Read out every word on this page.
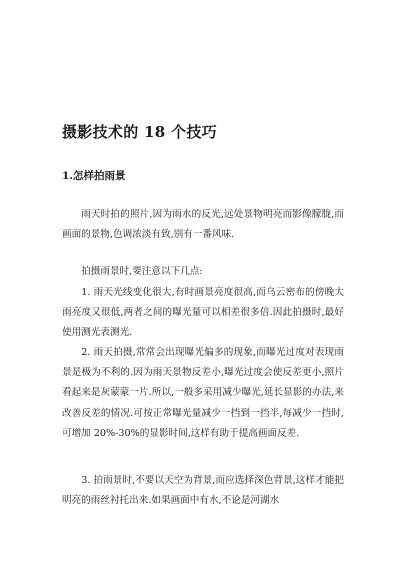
摄影技术的 18 个技巧
1.怎样拍雨景

雨天时拍的照片,因为雨水的反光,远处景物明亮而影像朦胧,而画面的景物,色调浓淡有致,别有一番风味.

拍摄雨景时,要注意以下几点:

1. 雨天光线变化很大,有时画景亮度很高,而乌云密布的傍晚大雨亮度又很低,两者之间的曝光量可以相差很多倍.因此拍摄时,最好使用测光表测光.

2. 雨天拍摄,常常会出现曝光偏多的现象,而曝光过度对表现雨景是极为不利的.因为雨天景物反差小,曝光过度会使反差更小,照片看起来是灰蒙蒙一片.所以,一般多采用减少曝光,延长显影的办法,来改善反差的情况.可按正常曝光量减少一挡到一挡半,每减少一挡时,可增加 20%-30%的显影时间,这样有助于提高画面反差.

3. 拍雨景时,不要以天空为背景,而应选择深色背景,这样才能把明亮的雨丝衬托出来.如果画面中有水,不论是河湖水
